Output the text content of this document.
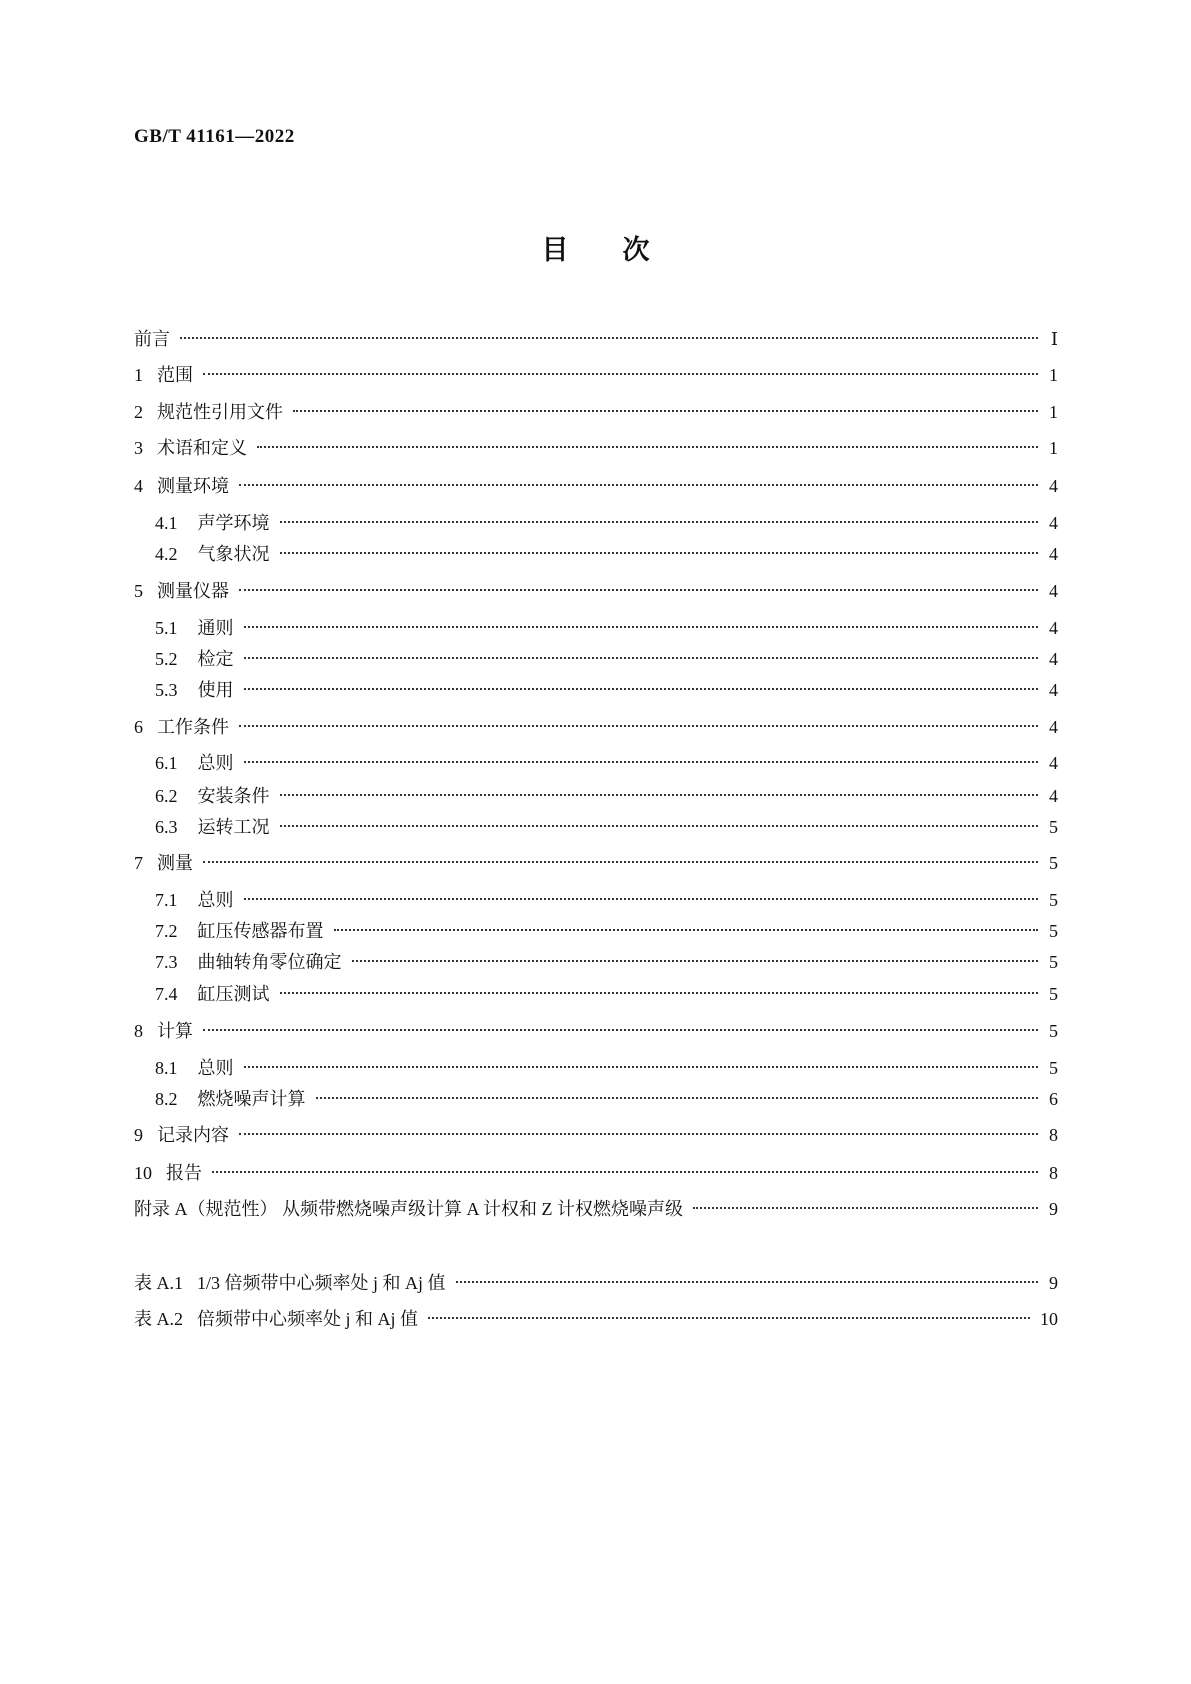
GB/T 41161—2022
目 次
前言	Ⅰ
1 范围	1
2 规范性引用文件	1
3 术语和定义	1
4 测量环境	4
4.1 声学环境	4
4.2 气象状况	4
5 测量仪器	4
5.1 通则	4
5.2 检定	4
5.3 使用	4
6 工作条件	4
6.1 总则	4
6.2 安装条件	4
6.3 运转工况	5
7 测量	5
7.1 总则	5
7.2 缸压传感器布置	5
7.3 曲轴转角零位确定	5
7.4 缸压测试	5
8 计算	5
8.1 总则	5
8.2 燃烧噪声计算	6
9 记录内容	8
10 报告	8
附录 A（规范性） 从频带燃烧噪声级计算 A 计权和 Z 计权燃烧噪声级	9
表 A.1 1/3 倍频带中心频率处 j 和 Aj 值	9
表 A.2 倍频带中心频率处 j 和 Aj 值	10
